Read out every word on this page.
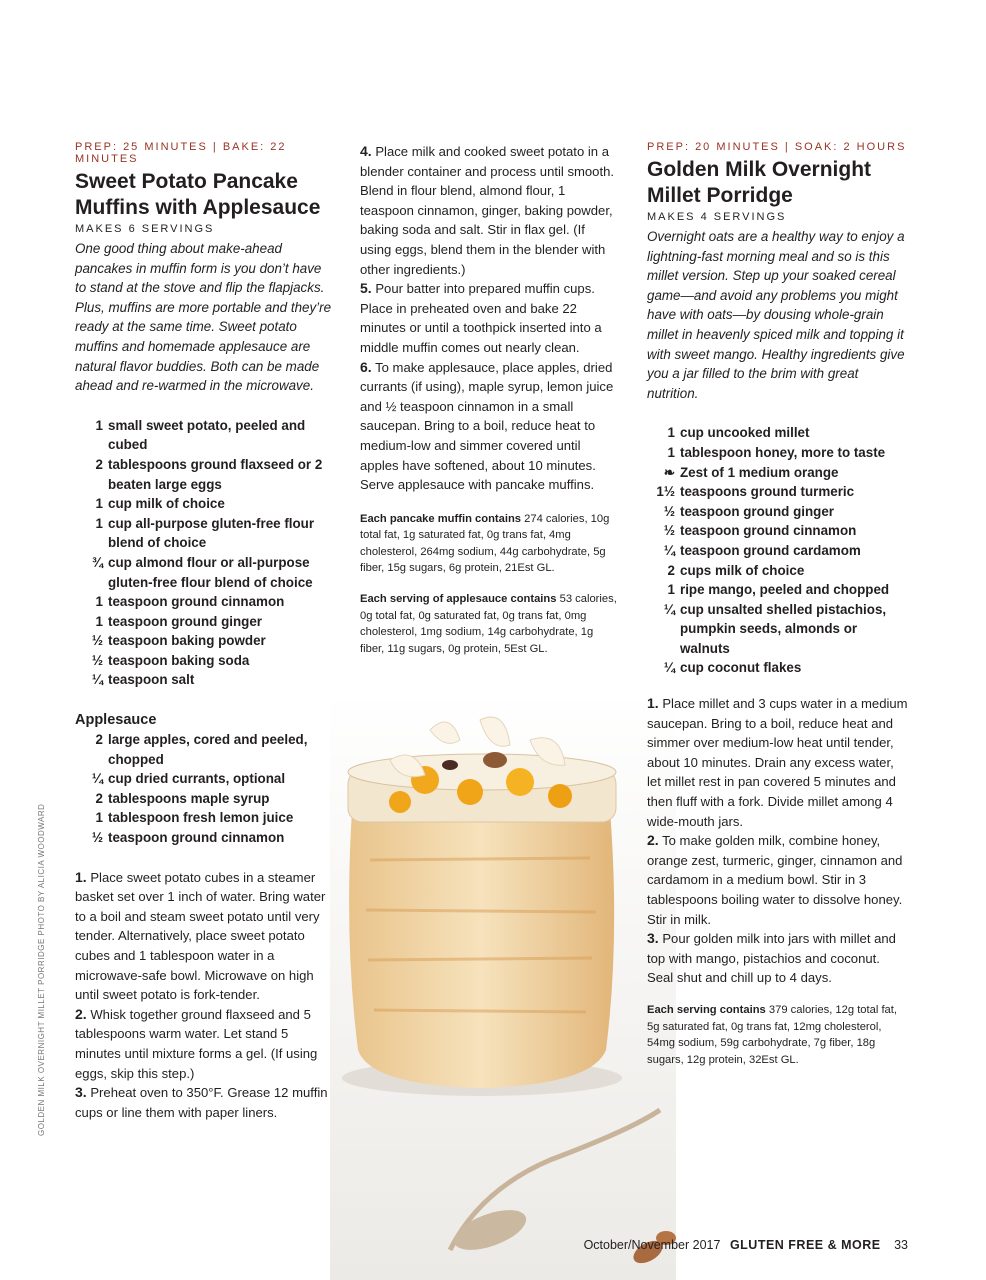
PREP: 25 MINUTES | BAKE: 22 MINUTES
Sweet Potato Pancake Muffins with Applesauce
MAKES 6 SERVINGS

One good thing about make-ahead pancakes in muffin form is you don’t have to stand at the stove and flip the flapjacks. Plus, muffins are more portable and they’re ready at the same time. Sweet potato muffins and homemade applesauce are natural flavor buddies. Both can be made ahead and re-warmed in the microwave.

1 small sweet potato, peeled and cubed
2 tablespoons ground flaxseed or 2 beaten large eggs
1 cup milk of choice
1 cup all-purpose gluten-free flour blend of choice
¾ cup almond flour or all-purpose gluten-free flour blend of choice
1 teaspoon ground cinnamon
1 teaspoon ground ginger
½ teaspoon baking powder
½ teaspoon baking soda
¼ teaspoon salt
Applesauce
2 large apples, cored and peeled, chopped
¼ cup dried currants, optional
2 tablespoons maple syrup
1 tablespoon fresh lemon juice
½ teaspoon ground cinnamon

1. Place sweet potato cubes in a steamer basket set over 1 inch of water. Bring water to a boil and steam sweet potato until very tender. Alternatively, place sweet potato cubes and 1 tablespoon water in a microwave-safe bowl. Microwave on high until sweet potato is fork-tender.

2. Whisk together ground flaxseed and 5 tablespoons warm water. Let stand 5 minutes until mixture forms a gel. (If using eggs, skip this step.)

3. Preheat oven to 350°F. Grease 12 muffin cups or line them with paper liners.

4. Place milk and cooked sweet potato in a blender container and process until smooth. Blend in flour blend, almond flour, 1 teaspoon cinnamon, ginger, baking powder, baking soda and salt. Stir in flax gel. (If using eggs, blend them in the blender with other ingredients.)

5. Pour batter into prepared muffin cups. Place in preheated oven and bake 22 minutes or until a toothpick inserted into a middle muffin comes out nearly clean.

6. To make applesauce, place apples, dried currants (if using), maple syrup, lemon juice and ½ teaspoon cinnamon in a small saucepan. Bring to a boil, reduce heat to medium-low and simmer covered until apples have softened, about 10 minutes. Serve applesauce with pancake muffins.

Each pancake muffin contains 274 calories, 10g total fat, 1g saturated fat, 0g trans fat, 4mg cholesterol, 264mg sodium, 44g carbohydrate, 5g fiber, 15g sugars, 6g protein, 21Est GL.

Each serving of applesauce contains 53 calories, 0g total fat, 0g saturated fat, 0g trans fat, 0mg cholesterol, 1mg sodium, 14g carbohydrate, 1g fiber, 11g sugars, 0g protein, 5Est GL.

PREP: 20 MINUTES | SOAK: 2 HOURS
Golden Milk Overnight Millet Porridge
MAKES 4 SERVINGS

Overnight oats are a healthy way to enjoy a lightning-fast morning meal and so is this millet version. Step up your soaked cereal game—and avoid any problems you might have with oats—by dousing whole-grain millet in heavenly spiced milk and topping it with sweet mango. Healthy ingredients give you a jar filled to the brim with great nutrition.

1 cup uncooked millet
1 tablespoon honey, more to taste
❧ Zest of 1 medium orange
1½ teaspoons ground turmeric
½ teaspoon ground ginger
½ teaspoon ground cinnamon
¼ teaspoon ground cardamom
2 cups milk of choice
1 ripe mango, peeled and chopped
¼ cup unsalted shelled pistachios, pumpkin seeds, almonds or walnuts
¼ cup coconut flakes

1. Place millet and 3 cups water in a medium saucepan. Bring to a boil, reduce heat and simmer over medium-low heat until tender, about 10 minutes. Drain any excess water, let millet rest in pan covered 5 minutes and then fluff with a fork. Divide millet among 4 wide-mouth jars.

2. To make golden milk, combine honey, orange zest, turmeric, ginger, cinnamon and cardamom in a medium bowl. Stir in 3 tablespoons boiling water to dissolve honey. Stir in milk.

3. Pour golden milk into jars with millet and top with mango, pistachios and coconut. Seal shut and chill up to 4 days.

Each serving contains 379 calories, 12g total fat, 5g saturated fat, 0g trans fat, 12mg cholesterol, 54mg sodium, 59g carbohydrate, 7g fiber, 18g sugars, 12g protein, 32Est GL.

GOLDEN MILK OVERNIGHT MILLET PORRIDGE PHOTO BY ALICIA WOODWARD
October/November 2017 GLUTEN FREE & MORE 33
